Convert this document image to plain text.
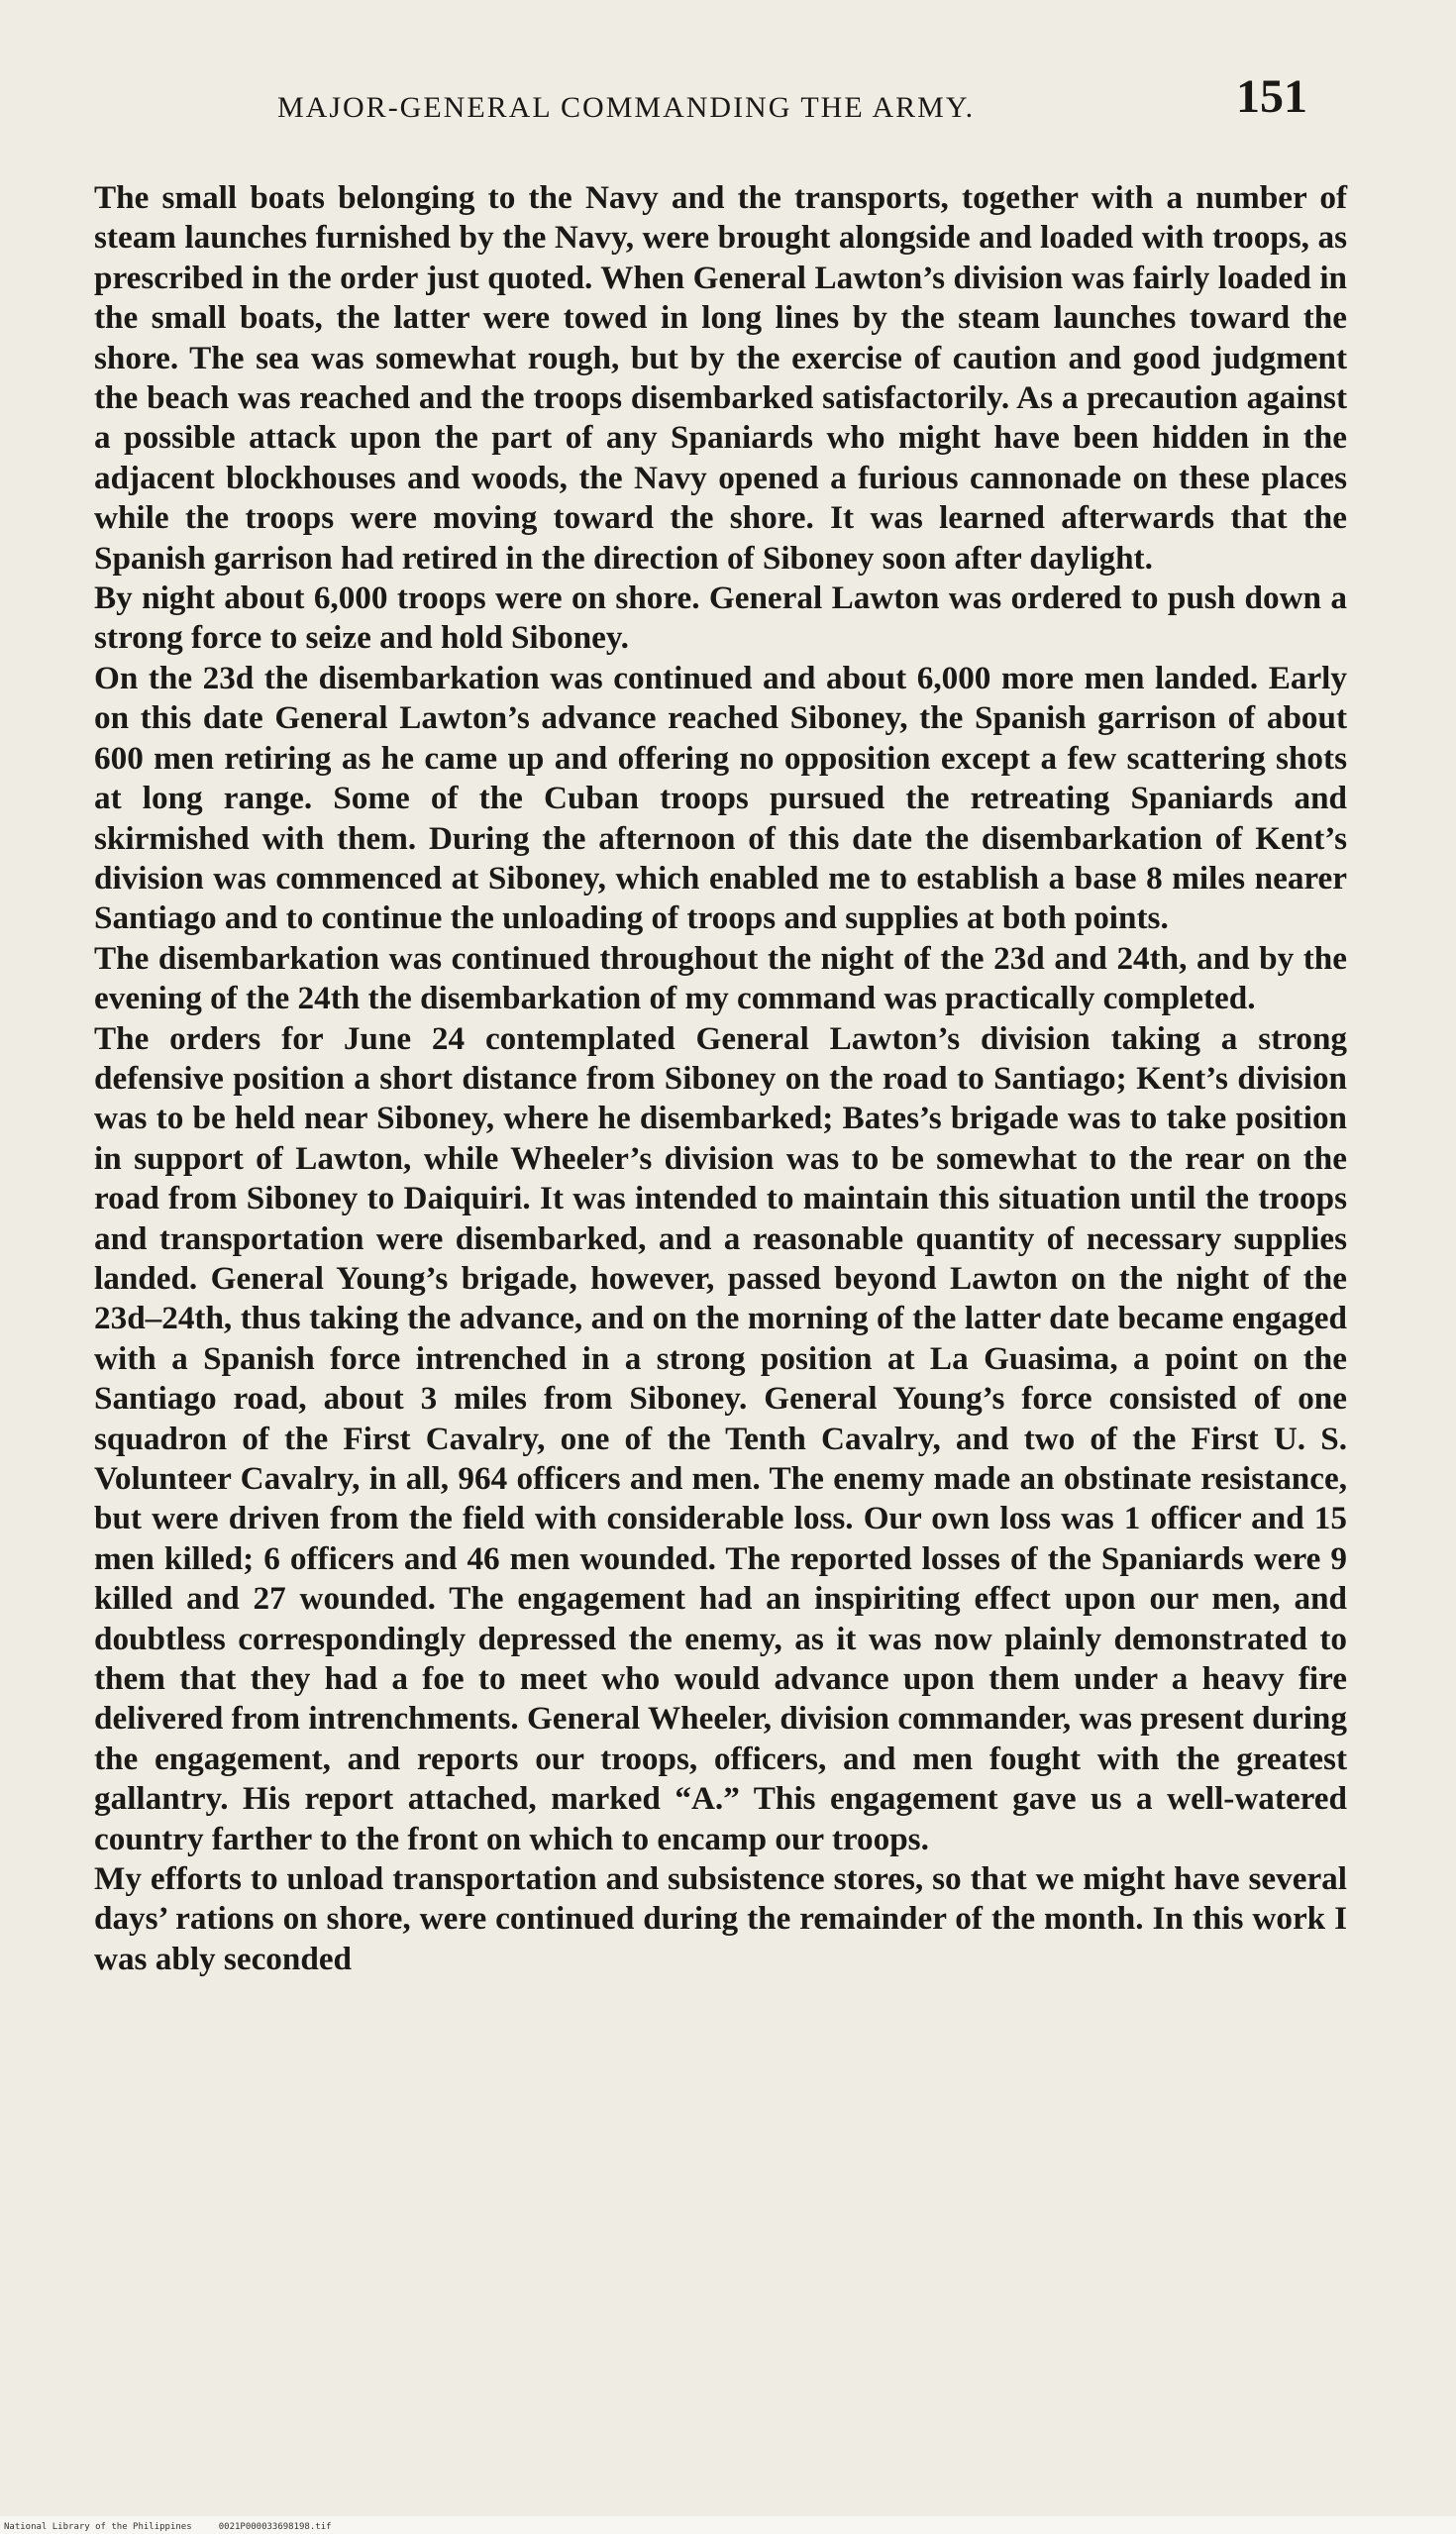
MAJOR-GENERAL COMMANDING THE ARMY.	151

The small boats belonging to the Navy and the transports, together with a number of steam launches furnished by the Navy, were brought alongside and loaded with troops, as prescribed in the order just quoted. When General Lawton’s division was fairly loaded in the small boats, the latter were towed in long lines by the steam launches toward the shore. The sea was somewhat rough, but by the exercise of caution and good judgment the beach was reached and the troops disembarked satisfactorily. As a precaution against a possible attack upon the part of any Spaniards who might have been hidden in the adjacent blockhouses and woods, the Navy opened a furious cannonade on these places while the troops were moving toward the shore. It was learned afterwards that the Spanish garrison had retired in the direction of Siboney soon after daylight.

By night about 6,000 troops were on shore. General Lawton was ordered to push down a strong force to seize and hold Siboney.

On the 23d the disembarkation was continued and about 6,000 more men landed. Early on this date General Lawton’s advance reached Siboney, the Spanish garrison of about 600 men retiring as he came up and offering no opposition except a few scattering shots at long range. Some of the Cuban troops pursued the retreating Spaniards and skirmished with them. During the afternoon of this date the disembarkation of Kent’s division was commenced at Siboney, which enabled me to establish a base 8 miles nearer Santiago and to continue the unloading of troops and supplies at both points.

The disembarkation was continued throughout the night of the 23d and 24th, and by the evening of the 24th the disembarkation of my command was practically completed.

The orders for June 24 contemplated General Lawton’s division taking a strong defensive position a short distance from Siboney on the road to Santiago; Kent’s division was to be held near Siboney, where he disembarked; Bates’s brigade was to take position in support of Lawton, while Wheeler’s division was to be somewhat to the rear on the road from Siboney to Daiquiri. It was intended to maintain this situation until the troops and transportation were disembarked, and a reasonable quantity of necessary supplies landed. General Young’s brigade, however, passed beyond Lawton on the night of the 23d–24th, thus taking the advance, and on the morning of the latter date became engaged with a Spanish force intrenched in a strong position at La Guasima, a point on the Santiago road, about 3 miles from Siboney. General Young’s force consisted of one squadron of the First Cavalry, one of the Tenth Cavalry, and two of the First U. S. Volunteer Cavalry, in all, 964 officers and men. The enemy made an obstinate resistance, but were driven from the field with considerable loss. Our own loss was 1 officer and 15 men killed; 6 officers and 46 men wounded. The reported losses of the Spaniards were 9 killed and 27 wounded. The engagement had an inspiriting effect upon our men, and doubtless correspondingly depressed the enemy, as it was now plainly demonstrated to them that they had a foe to meet who would advance upon them under a heavy fire delivered from intrenchments. General Wheeler, division commander, was present during the engagement, and reports our troops, officers, and men fought with the greatest gallantry. His report attached, marked “A.” This engagement gave us a well-watered country farther to the front on which to encamp our troops.

My efforts to unload transportation and subsistence stores, so that we might have several days’ rations on shore, were continued during the remainder of the month. In this work I was ably seconded

National Library of the Philippines     0021P000033698198.tif
